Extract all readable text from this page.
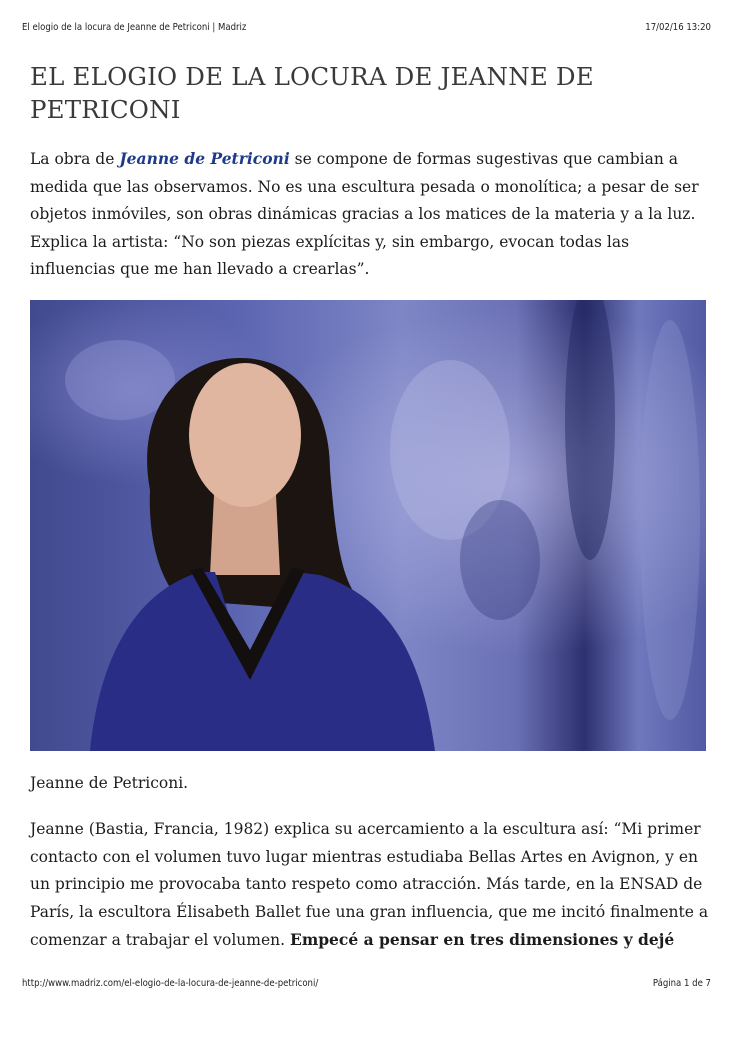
El elogio de la locura de Jeanne de Petriconi | Madriz	17/02/16 13:20
EL ELOGIO DE LA LOCURA DE JEANNE DE PETRICONI

La obra de Jeanne de Petriconi se compone de formas sugestivas que cambian a medida que las observamos. No es una escultura pesada o monolítica; a pesar de ser objetos inmóviles, son obras dinámicas gracias a los matices de la materia y a la luz. Explica la artista: “No son piezas explícitas y, sin embargo, evocan todas las influencias que me han llevado a crearlas”.

Jeanne de Petriconi.

Jeanne (Bastia, Francia, 1982) explica su acercamiento a la escultura así: “Mi primer contacto con el volumen tuvo lugar mientras estudiaba Bellas Artes en Avignon, y en un principio me provocaba tanto respeto como atracción. Más tarde, en la ENSAD de París, la escultora Élisabeth Ballet fue una gran influencia, que me incitó finalmente a comenzar a trabajar el volumen. Empecé a pensar en tres dimensiones y dejé

http://www.madriz.com/el-elogio-de-la-locura-de-jeanne-de-petriconi/	Página 1 de 7
